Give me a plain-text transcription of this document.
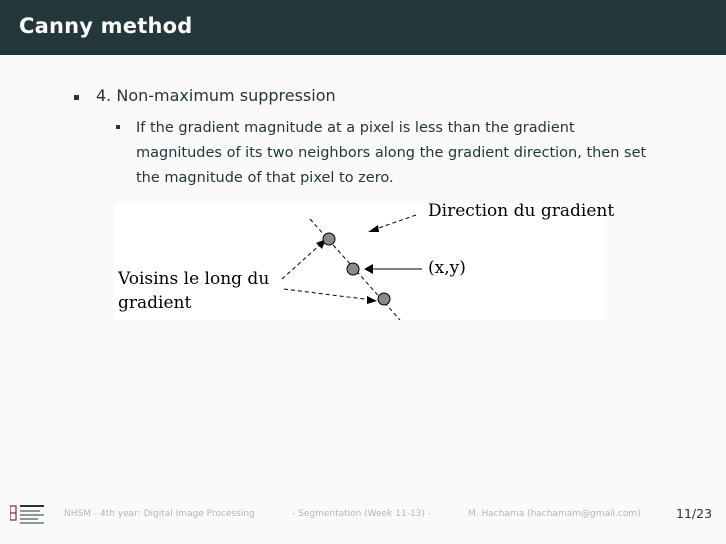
Canny method
4. Non-maximum suppression
If the gradient magnitude at a pixel is less than the gradient magnitudes of its two neighbors along the gradient direction, then set the magnitude of that pixel to zero.
Direction du gradient
(x,y)
Voisins le long du
gradient
NHSM - 4th year: Digital Image Processing	- Segmentation (Week 11-13) -	M. Hachama (hachamam@gmail.com)	11/23
